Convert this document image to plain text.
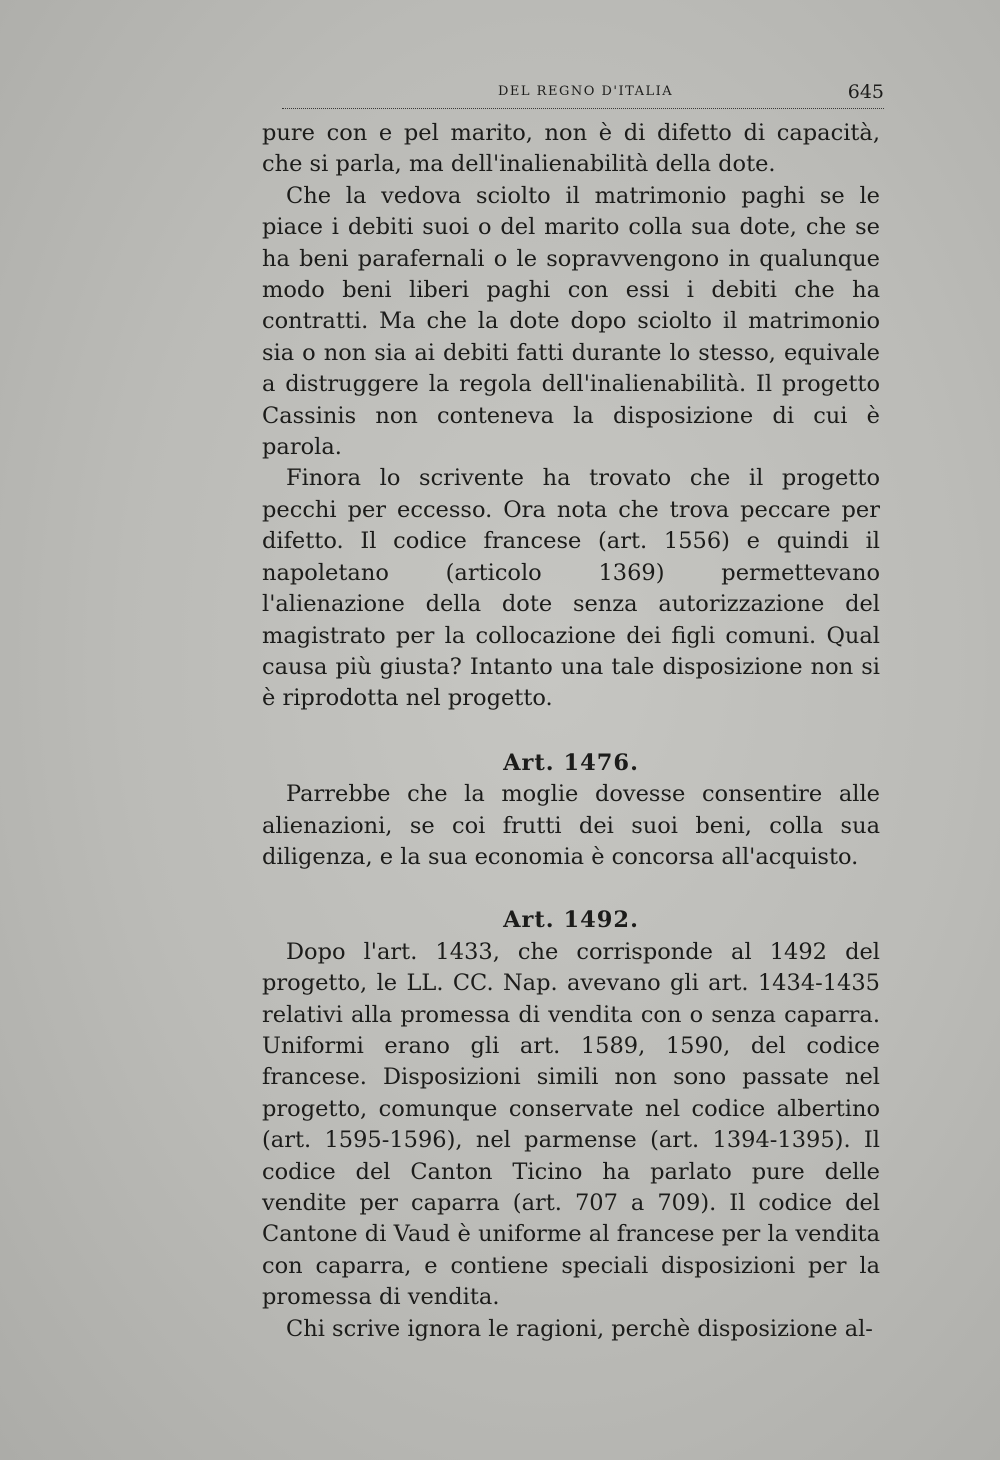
DEL REGNO D'ITALIA	645

pure con e pel marito, non è di difetto di capacità, che si parla, ma dell'inalienabilità della dote.

Che la vedova sciolto il matrimonio paghi se le piace i debiti suoi o del marito colla sua dote, che se ha beni parafernali o le sopravvengono in qualunque modo beni liberi paghi con essi i debiti che ha contratti. Ma che la dote dopo sciolto il matrimonio sia o non sia ai debiti fatti durante lo stesso, equivale a distruggere la regola dell'inalienabilità. Il progetto Cassinis non conteneva la disposizione di cui è parola.

Finora lo scrivente ha trovato che il progetto pecchi per eccesso. Ora nota che trova peccare per difetto. Il codice francese (art. 1556) e quindi il napoletano (articolo 1369) permettevano l'alienazione della dote senza autorizzazione del magistrato per la collocazione dei figli comuni. Qual causa più giusta? Intanto una tale disposizione non si è riprodotta nel progetto.

Art. 1476.

Parrebbe che la moglie dovesse consentire alle alienazioni, se coi frutti dei suoi beni, colla sua diligenza, e la sua economia è concorsa all'acquisto.

Art. 1492.

Dopo l'art. 1433, che corrisponde al 1492 del progetto, le LL. CC. Nap. avevano gli art. 1434-1435 relativi alla promessa di vendita con o senza caparra. Uniformi erano gli art. 1589, 1590, del codice francese. Disposizioni simili non sono passate nel progetto, comunque conservate nel codice albertino (art. 1595-1596), nel parmense (art. 1394-1395). Il codice del Canton Ticino ha parlato pure delle vendite per caparra (art. 707 a 709). Il codice del Cantone di Vaud è uniforme al francese per la vendita con caparra, e contiene speciali disposizioni per la promessa di vendita.

Chi scrive ignora le ragioni, perchè disposizione al-
